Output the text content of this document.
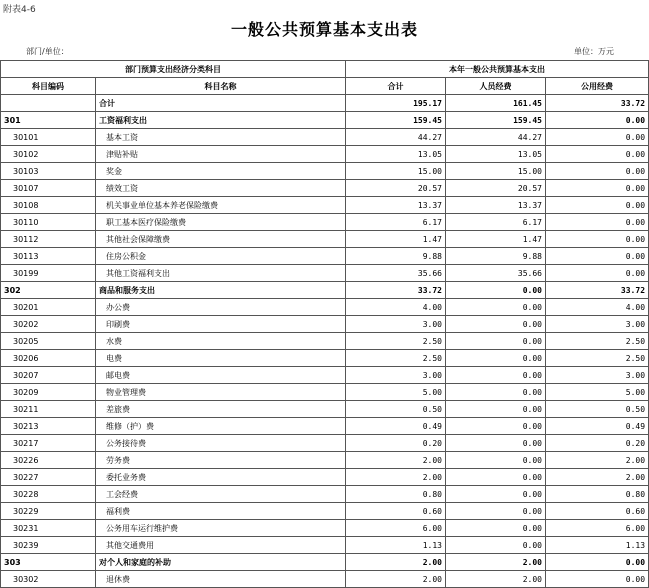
附表4-6
一般公共预算基本支出表
部门/单位：	单位：万元
部门预算支出经济分类科目		本年一般公共预算基本支出		
科目编码	科目名称	合计	人员经费	公用经费
	合计	195.17	161.45	33.72
301	工资福利支出	159.45	159.45	0.00
30101	基本工资	44.27	44.27	0.00
30102	津贴补贴	13.05	13.05	0.00
30103	奖金	15.00	15.00	0.00
30107	绩效工资	20.57	20.57	0.00
30108	机关事业单位基本养老保险缴费	13.37	13.37	0.00
30110	职工基本医疗保险缴费	6.17	6.17	0.00
30112	其他社会保障缴费	1.47	1.47	0.00
30113	住房公积金	9.88	9.88	0.00
30199	其他工资福利支出	35.66	35.66	0.00
302	商品和服务支出	33.72	0.00	33.72
30201	办公费	4.00	0.00	4.00
30202	印刷费	3.00	0.00	3.00
30205	水费	2.50	0.00	2.50
30206	电费	2.50	0.00	2.50
30207	邮电费	3.00	0.00	3.00
30209	物业管理费	5.00	0.00	5.00
30211	差旅费	0.50	0.00	0.50
30213	维修（护）费	0.49	0.00	0.49
30217	公务接待费	0.20	0.00	0.20
30226	劳务费	2.00	0.00	2.00
30227	委托业务费	2.00	0.00	2.00
30228	工会经费	0.80	0.00	0.80
30229	福利费	0.60	0.00	0.60
30231	公务用车运行维护费	6.00	0.00	6.00
30239	其他交通费用	1.13	0.00	1.13
303	对个人和家庭的补助	2.00	2.00	0.00
30302	退休费	2.00	2.00	0.00
